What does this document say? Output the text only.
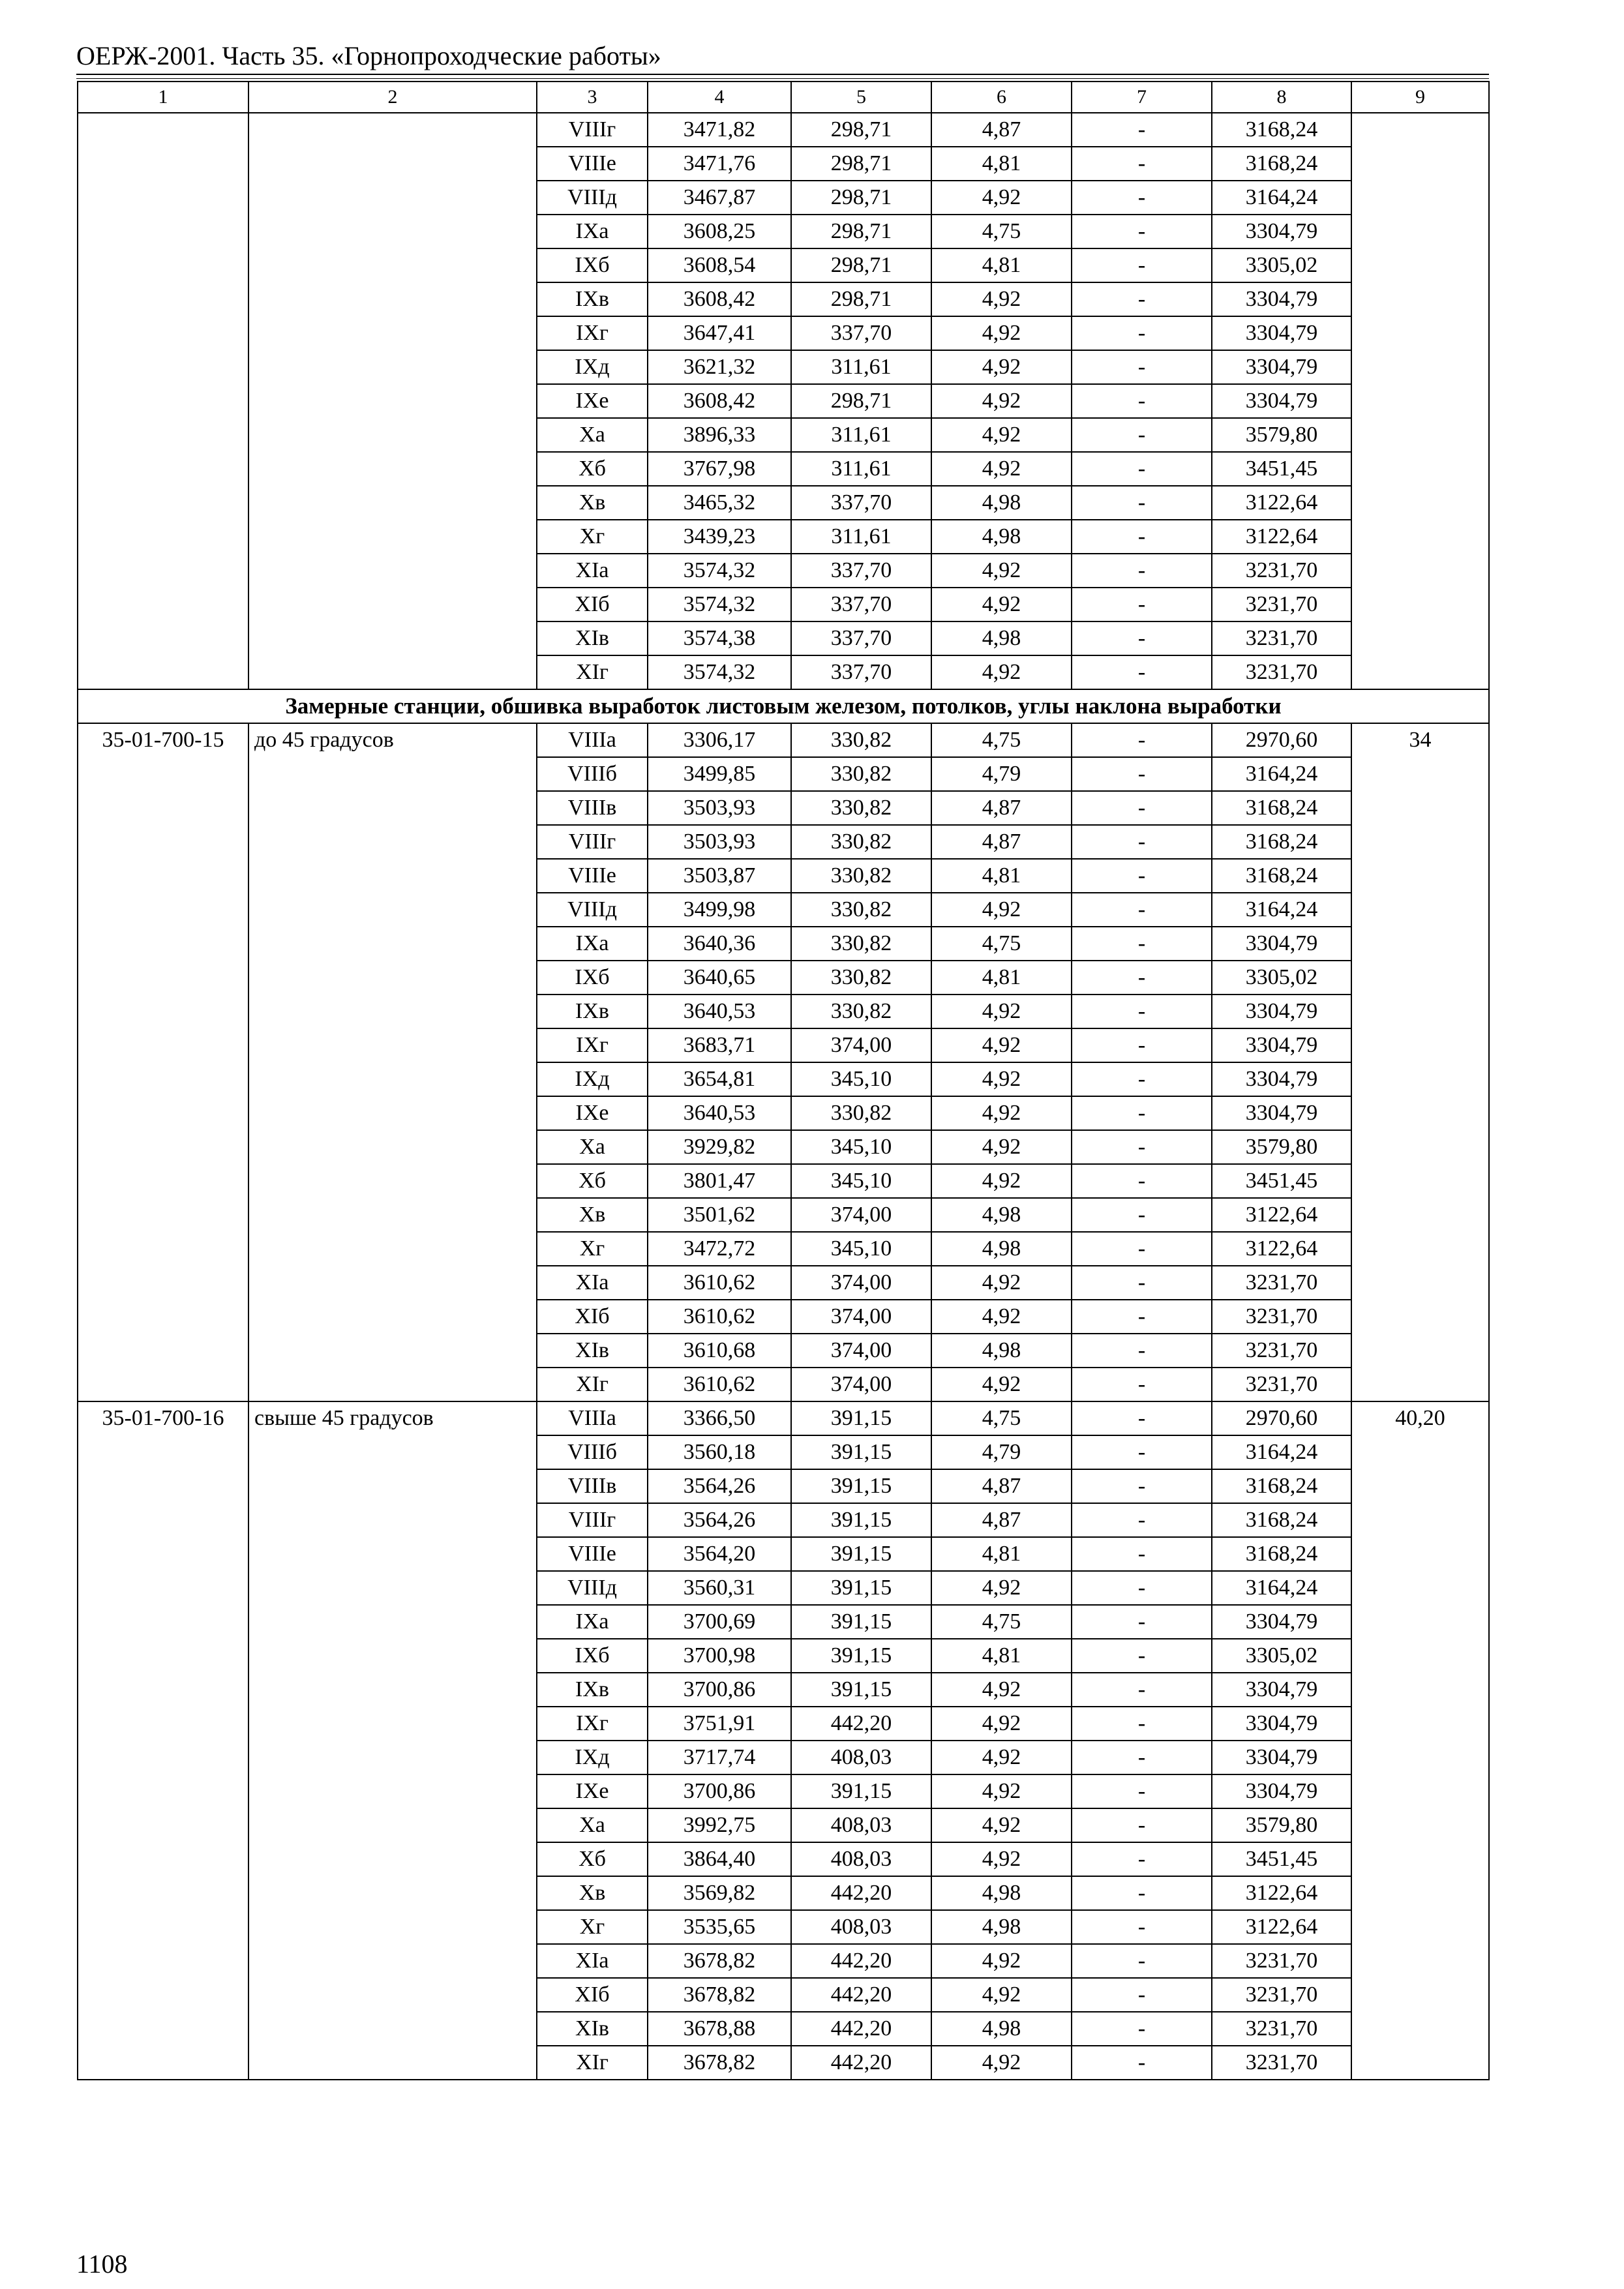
ОЕРЖ-2001. Часть 35. «Горнопроходческие работы»
1	2	3	4	5	6	7	8	9
		VIIIг	3471,82	298,71	4,87	-	3168,24	
		VIIIе	3471,76	298,71	4,81	-	3168,24	
		VIIIд	3467,87	298,71	4,92	-	3164,24	
		IXа	3608,25	298,71	4,75	-	3304,79	
		IXб	3608,54	298,71	4,81	-	3305,02	
		IXв	3608,42	298,71	4,92	-	3304,79	
		IXг	3647,41	337,70	4,92	-	3304,79	
		IXд	3621,32	311,61	4,92	-	3304,79	
		IXе	3608,42	298,71	4,92	-	3304,79	
		Xа	3896,33	311,61	4,92	-	3579,80	
		Xб	3767,98	311,61	4,92	-	3451,45	
		Xв	3465,32	337,70	4,98	-	3122,64	
		Xг	3439,23	311,61	4,98	-	3122,64	
		XIа	3574,32	337,70	4,92	-	3231,70	
		XIб	3574,32	337,70	4,92	-	3231,70	
		XIв	3574,38	337,70	4,98	-	3231,70	
		XIг	3574,32	337,70	4,92	-	3231,70	
Замерные станции, обшивка выработок листовым железом, потолков, углы наклона выработки								
35-01-700-15	до 45 градусов	VIIIа	3306,17	330,82	4,75	-	2970,60	34
		VIIIб	3499,85	330,82	4,79	-	3164,24	
		VIIIв	3503,93	330,82	4,87	-	3168,24	
		VIIIг	3503,93	330,82	4,87	-	3168,24	
		VIIIе	3503,87	330,82	4,81	-	3168,24	
		VIIIд	3499,98	330,82	4,92	-	3164,24	
		IXа	3640,36	330,82	4,75	-	3304,79	
		IXб	3640,65	330,82	4,81	-	3305,02	
		IXв	3640,53	330,82	4,92	-	3304,79	
		IXг	3683,71	374,00	4,92	-	3304,79	
		IXд	3654,81	345,10	4,92	-	3304,79	
		IXе	3640,53	330,82	4,92	-	3304,79	
		Xа	3929,82	345,10	4,92	-	3579,80	
		Xб	3801,47	345,10	4,92	-	3451,45	
		Xв	3501,62	374,00	4,98	-	3122,64	
		Xг	3472,72	345,10	4,98	-	3122,64	
		XIа	3610,62	374,00	4,92	-	3231,70	
		XIб	3610,62	374,00	4,92	-	3231,70	
		XIв	3610,68	374,00	4,98	-	3231,70	
		XIг	3610,62	374,00	4,92	-	3231,70	
35-01-700-16	свыше 45 градусов	VIIIа	3366,50	391,15	4,75	-	2970,60	40,20
		VIIIб	3560,18	391,15	4,79	-	3164,24	
		VIIIв	3564,26	391,15	4,87	-	3168,24	
		VIIIг	3564,26	391,15	4,87	-	3168,24	
		VIIIе	3564,20	391,15	4,81	-	3168,24	
		VIIIд	3560,31	391,15	4,92	-	3164,24	
		IXа	3700,69	391,15	4,75	-	3304,79	
		IXб	3700,98	391,15	4,81	-	3305,02	
		IXв	3700,86	391,15	4,92	-	3304,79	
		IXг	3751,91	442,20	4,92	-	3304,79	
		IXд	3717,74	408,03	4,92	-	3304,79	
		IXе	3700,86	391,15	4,92	-	3304,79	
		Xа	3992,75	408,03	4,92	-	3579,80	
		Xб	3864,40	408,03	4,92	-	3451,45	
		Xв	3569,82	442,20	4,98	-	3122,64	
		Xг	3535,65	408,03	4,98	-	3122,64	
		XIа	3678,82	442,20	4,92	-	3231,70	
		XIб	3678,82	442,20	4,92	-	3231,70	
		XIв	3678,88	442,20	4,98	-	3231,70	
		XIг	3678,82	442,20	4,92	-	3231,70	
1108
